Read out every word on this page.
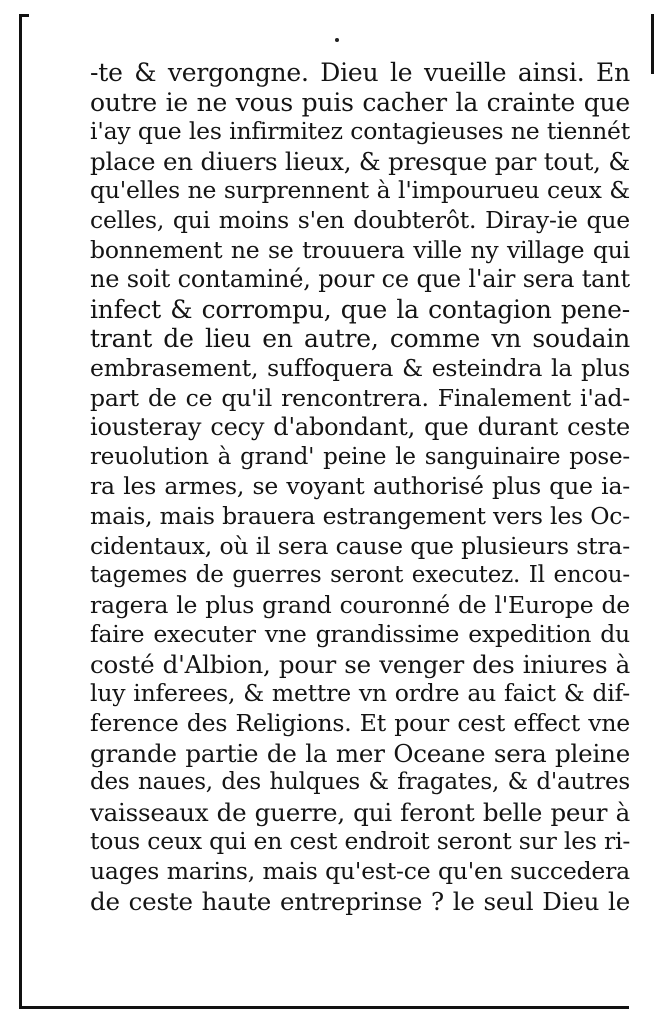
-te & vergongne. Dieu le vueille ainsi. En
outre ie ne vous puis cacher la crainte que
i'ay que les infirmitez contagieuses ne tiennét
place en diuers lieux, & presque par tout, &
qu'elles ne surprennent à l'impourueu ceux &
celles, qui moins s'en doubterôt. Diray-ie que
bonnement ne se trouuera ville ny village qui
ne soit contaminé, pour ce que l'air sera tant
infect & corrompu, que la contagion pene-
trant de lieu en autre, comme vn soudain
embrasement, suffoquera & esteindra la plus
part de ce qu'il rencontrera. Finalement i'ad-
iousteray cecy d'abondant, que durant ceste
reuolution à grand' peine le sanguinaire pose-
ra les armes, se voyant authorisé plus que ia-
mais, mais brauera estrangement vers les Oc-
cidentaux, où il sera cause que plusieurs stra-
tagemes de guerres seront executez. Il encou-
ragera le plus grand couronné de l'Europe de
faire executer vne grandissime expedition du
costé d'Albion, pour se venger des iniures à
luy inferees, & mettre vn ordre au faict & dif-
ference des Religions. Et pour cest effect vne
grande partie de la mer Oceane sera pleine
des naues, des hulques & fragates, & d'autres
vaisseaux de guerre, qui feront belle peur à
tous ceux qui en cest endroit seront sur les ri-
uages marins, mais qu'est-ce qu'en succedera
de ceste haute entreprinse ? le seul Dieu le
